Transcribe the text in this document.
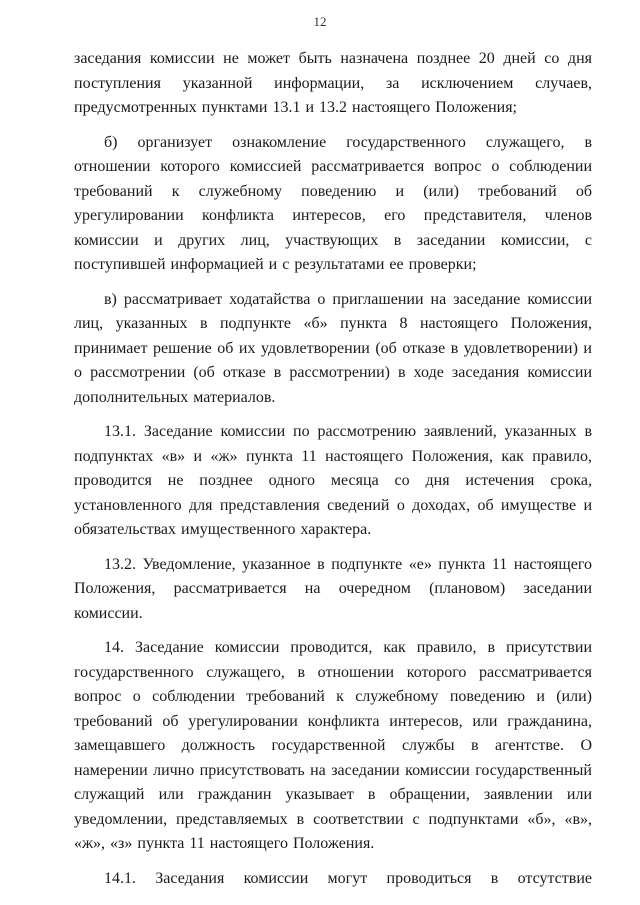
12

заседания комиссии не может быть назначена позднее 20 дней со дня поступления указанной информации, за исключением случаев, предусмотренных пунктами 13.1 и 13.2 настоящего Положения;

б) организует ознакомление государственного служащего, в отношении которого комиссией рассматривается вопрос о соблюдении требований к служебному поведению и (или) требований об урегулировании конфликта интересов, его представителя, членов комиссии и других лиц, участвующих в заседании комиссии, с поступившей информацией и с результатами ее проверки;

в) рассматривает ходатайства о приглашении на заседание комиссии лиц, указанных в подпункте «б» пункта 8 настоящего Положения, принимает решение об их удовлетворении (об отказе в удовлетворении) и о рассмотрении (об отказе в рассмотрении) в ходе заседания комиссии дополнительных материалов.

13.1. Заседание комиссии по рассмотрению заявлений, указанных в подпунктах «в» и «ж» пункта 11 настоящего Положения, как правило, проводится не позднее одного месяца со дня истечения срока, установленного для представления сведений о доходах, об имуществе и обязательствах имущественного характера.

13.2. Уведомление, указанное в подпункте «е» пункта 11 настоящего Положения, рассматривается на очередном (плановом) заседании комиссии.

14. Заседание комиссии проводится, как правило, в присутствии государственного служащего, в отношении которого рассматривается вопрос о соблюдении требований к служебному поведению и (или) требований об урегулировании конфликта интересов, или гражданина, замещавшего должность государственной службы в агентстве. О намерении лично присутствовать на заседании комиссии государственный служащий или гражданин указывает в обращении, заявлении или уведомлении, представляемых в соответствии с подпунктами «б», «в», «ж», «з» пункта 11 настоящего Положения.

14.1. Заседания комиссии могут проводиться в отсутствие
